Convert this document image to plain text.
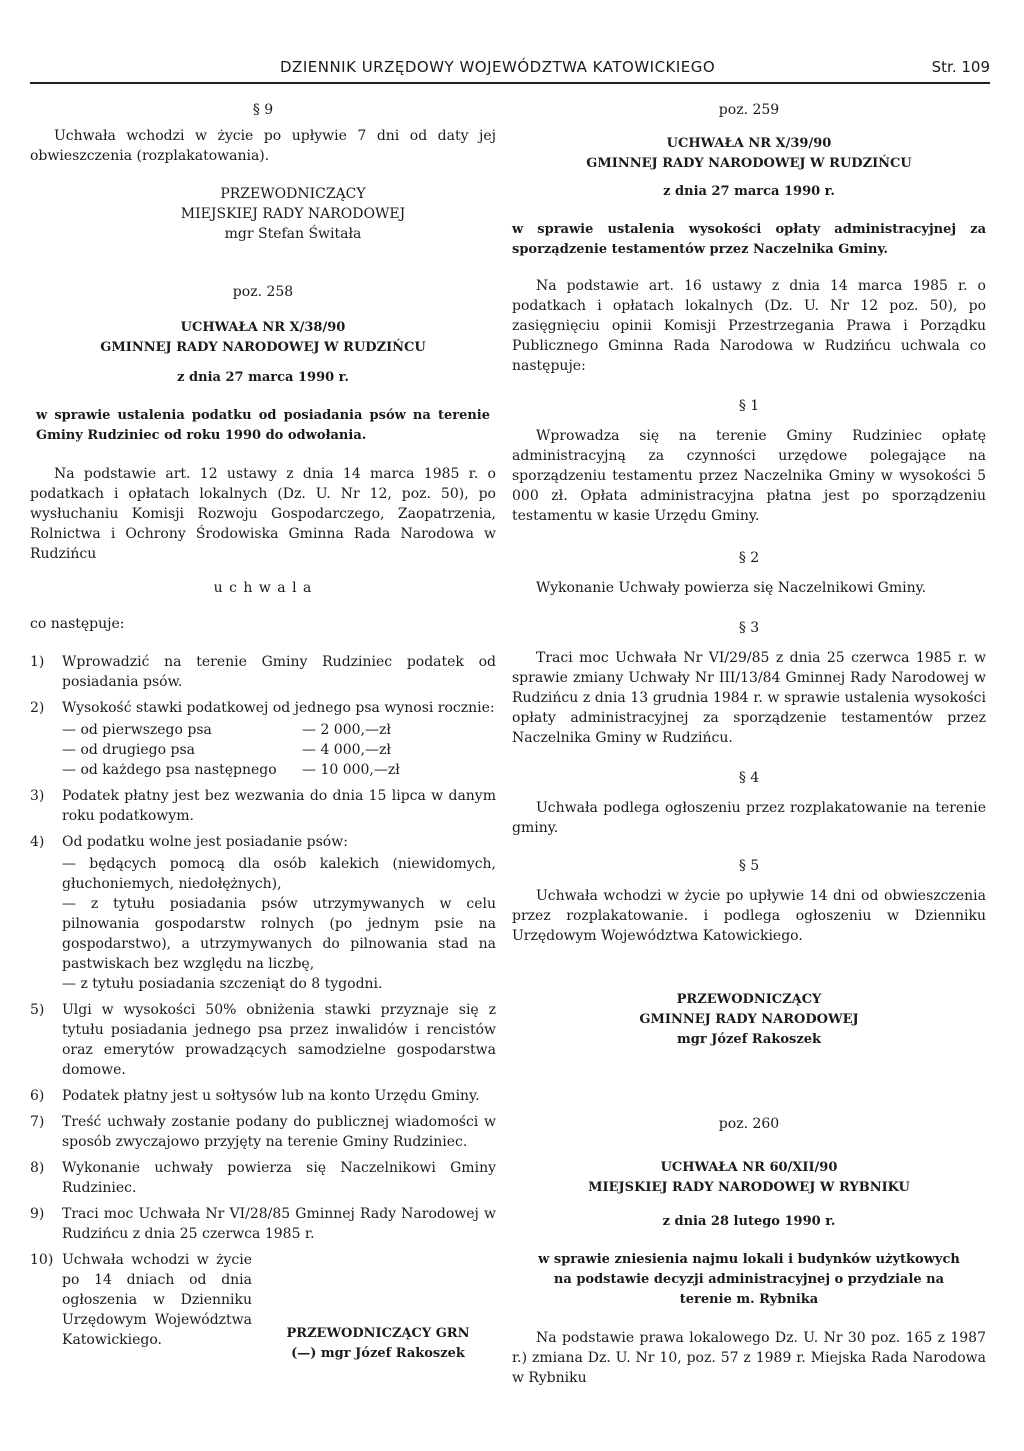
DZIENNIK URZĘDOWY WOJEWÓDZTWA KATOWICKIEGO	Str. 109

§ 9

Uchwała wchodzi w życie po upływie 7 dni od daty jej obwieszczenia (rozplakatowania).

PRZEWODNICZĄCY
MIEJSKIEJ RADY NARODOWEJ
mgr Stefan Świtała

poz. 258

UCHWAŁA NR X/38/90

GMINNEJ RADY NARODOWEJ W RUDZIŃCU

z dnia 27 marca 1990 r.

w sprawie ustalenia podatku od posiadania psów na terenie Gminy Rudziniec od roku 1990 do odwołania.

Na podstawie art. 12 ustawy z dnia 14 marca 1985 r. o podatkach i opłatach lokalnych (Dz. U. Nr 12, poz. 50), po wysłuchaniu Komisji Rozwoju Gospodarczego, Zaopatrzenia, Rolnictwa i Ochrony Środowiska Gminna Rada Narodowa w Rudzińcu

u c h w a l a

co następuje:

1) Wprowadzić na terenie Gminy Rudziniec podatek od posiadania psów.
2) Wysokość stawki podatkowej od jednego psa wynosi rocznie:
— od pierwszego psa	— 2 000,—zł
— od drugiego psa	— 4 000,—zł
— od każdego psa następnego	— 10 000,—zł
3) Podatek płatny jest bez wezwania do dnia 15 lipca w danym roku podatkowym.
4) Od podatku wolne jest posiadanie psów:
— będących pomocą dla osób kalekich (niewidomych, głuchoniemych, niedołężnych),
— z tytułu posiadania psów utrzymywanych w celu pilnowania gospodarstw rolnych (po jednym psie na gospodarstwo), a utrzymywanych do pilnowania stad na pastwiskach bez względu na liczbę,
— z tytułu posiadania szczeniąt do 8 tygodni.
5) Ulgi w wysokości 50% obniżenia stawki przyznaje się z tytułu posiadania jednego psa przez inwalidów i rencistów oraz emerytów prowadzących samodzielne gospodarstwa domowe.
6) Podatek płatny jest u sołtysów lub na konto Urzędu Gminy.
7) Treść uchwały zostanie podany do publicznej wiadomości w sposób zwyczajowo przyjęty na terenie Gminy Rudziniec.
8) Wykonanie uchwały powierza się Naczelnikowi Gminy Rudziniec.
9) Traci moc Uchwała Nr VI/28/85 Gminnej Rady Narodowej w Rudzińcu z dnia 25 czerwca 1985 r.
10) Uchwała wchodzi w życie po 14 dniach od dnia ogłoszenia w Dzienniku Urzędowym Województwa Katowickiego.	PRZEWODNICZĄCY GRN
(—) mgr Józef Rakoszek

poz. 259

UCHWAŁA NR X/39/90

GMINNEJ RADY NARODOWEJ W RUDZIŃCU

z dnia 27 marca 1990 r.

w sprawie ustalenia wysokości opłaty administracyjnej za sporządzenie testamentów przez Naczelnika Gminy.

Na podstawie art. 16 ustawy z dnia 14 marca 1985 r. o podatkach i opłatach lokalnych (Dz. U. Nr 12 poz. 50), po zasięgnięciu opinii Komisji Przestrzegania Prawa i Porządku Publicznego Gminna Rada Narodowa w Rudzińcu uchwala co następuje:

§ 1

Wprowadza się na terenie Gminy Rudziniec opłatę administracyjną za czynności urzędowe polegające na sporządzeniu testamentu przez Naczelnika Gminy w wysokości 5 000 zł. Opłata administracyjna płatna jest po sporządzeniu testamentu w kasie Urzędu Gminy.

§ 2

Wykonanie Uchwały powierza się Naczelnikowi Gminy.

§ 3

Traci moc Uchwała Nr VI/29/85 z dnia 25 czerwca 1985 r. w sprawie zmiany Uchwały Nr III/13/84 Gminnej Rady Narodowej w Rudzińcu z dnia 13 grudnia 1984 r. w sprawie ustalenia wysokości opłaty administracyjnej za sporządzenie testamentów przez Naczelnika Gminy w Rudzińcu.

§ 4

Uchwała podlega ogłoszeniu przez rozplakatowanie na terenie gminy.

§ 5

Uchwała wchodzi w życie po upływie 14 dni od obwieszczenia przez rozplakatowanie. i podlega ogłoszeniu w Dzienniku Urzędowym Województwa Katowickiego.

PRZEWODNICZĄCY
GMINNEJ RADY NARODOWEJ
mgr Józef Rakoszek

poz. 260

UCHWAŁA NR 60/XII/90

MIEJSKIEJ RADY NARODOWEJ W RYBNIKU

z dnia 28 lutego 1990 r.

w sprawie zniesienia najmu lokali i budynków użytkowych na podstawie decyzji administracyjnej o przydziale na terenie m. Rybnika

Na podstawie prawa lokalowego Dz. U. Nr 30 poz. 165 z 1987 r.) zmiana Dz. U. Nr 10, poz. 57 z 1989 r. Miejska Rada Narodowa w Rybniku
